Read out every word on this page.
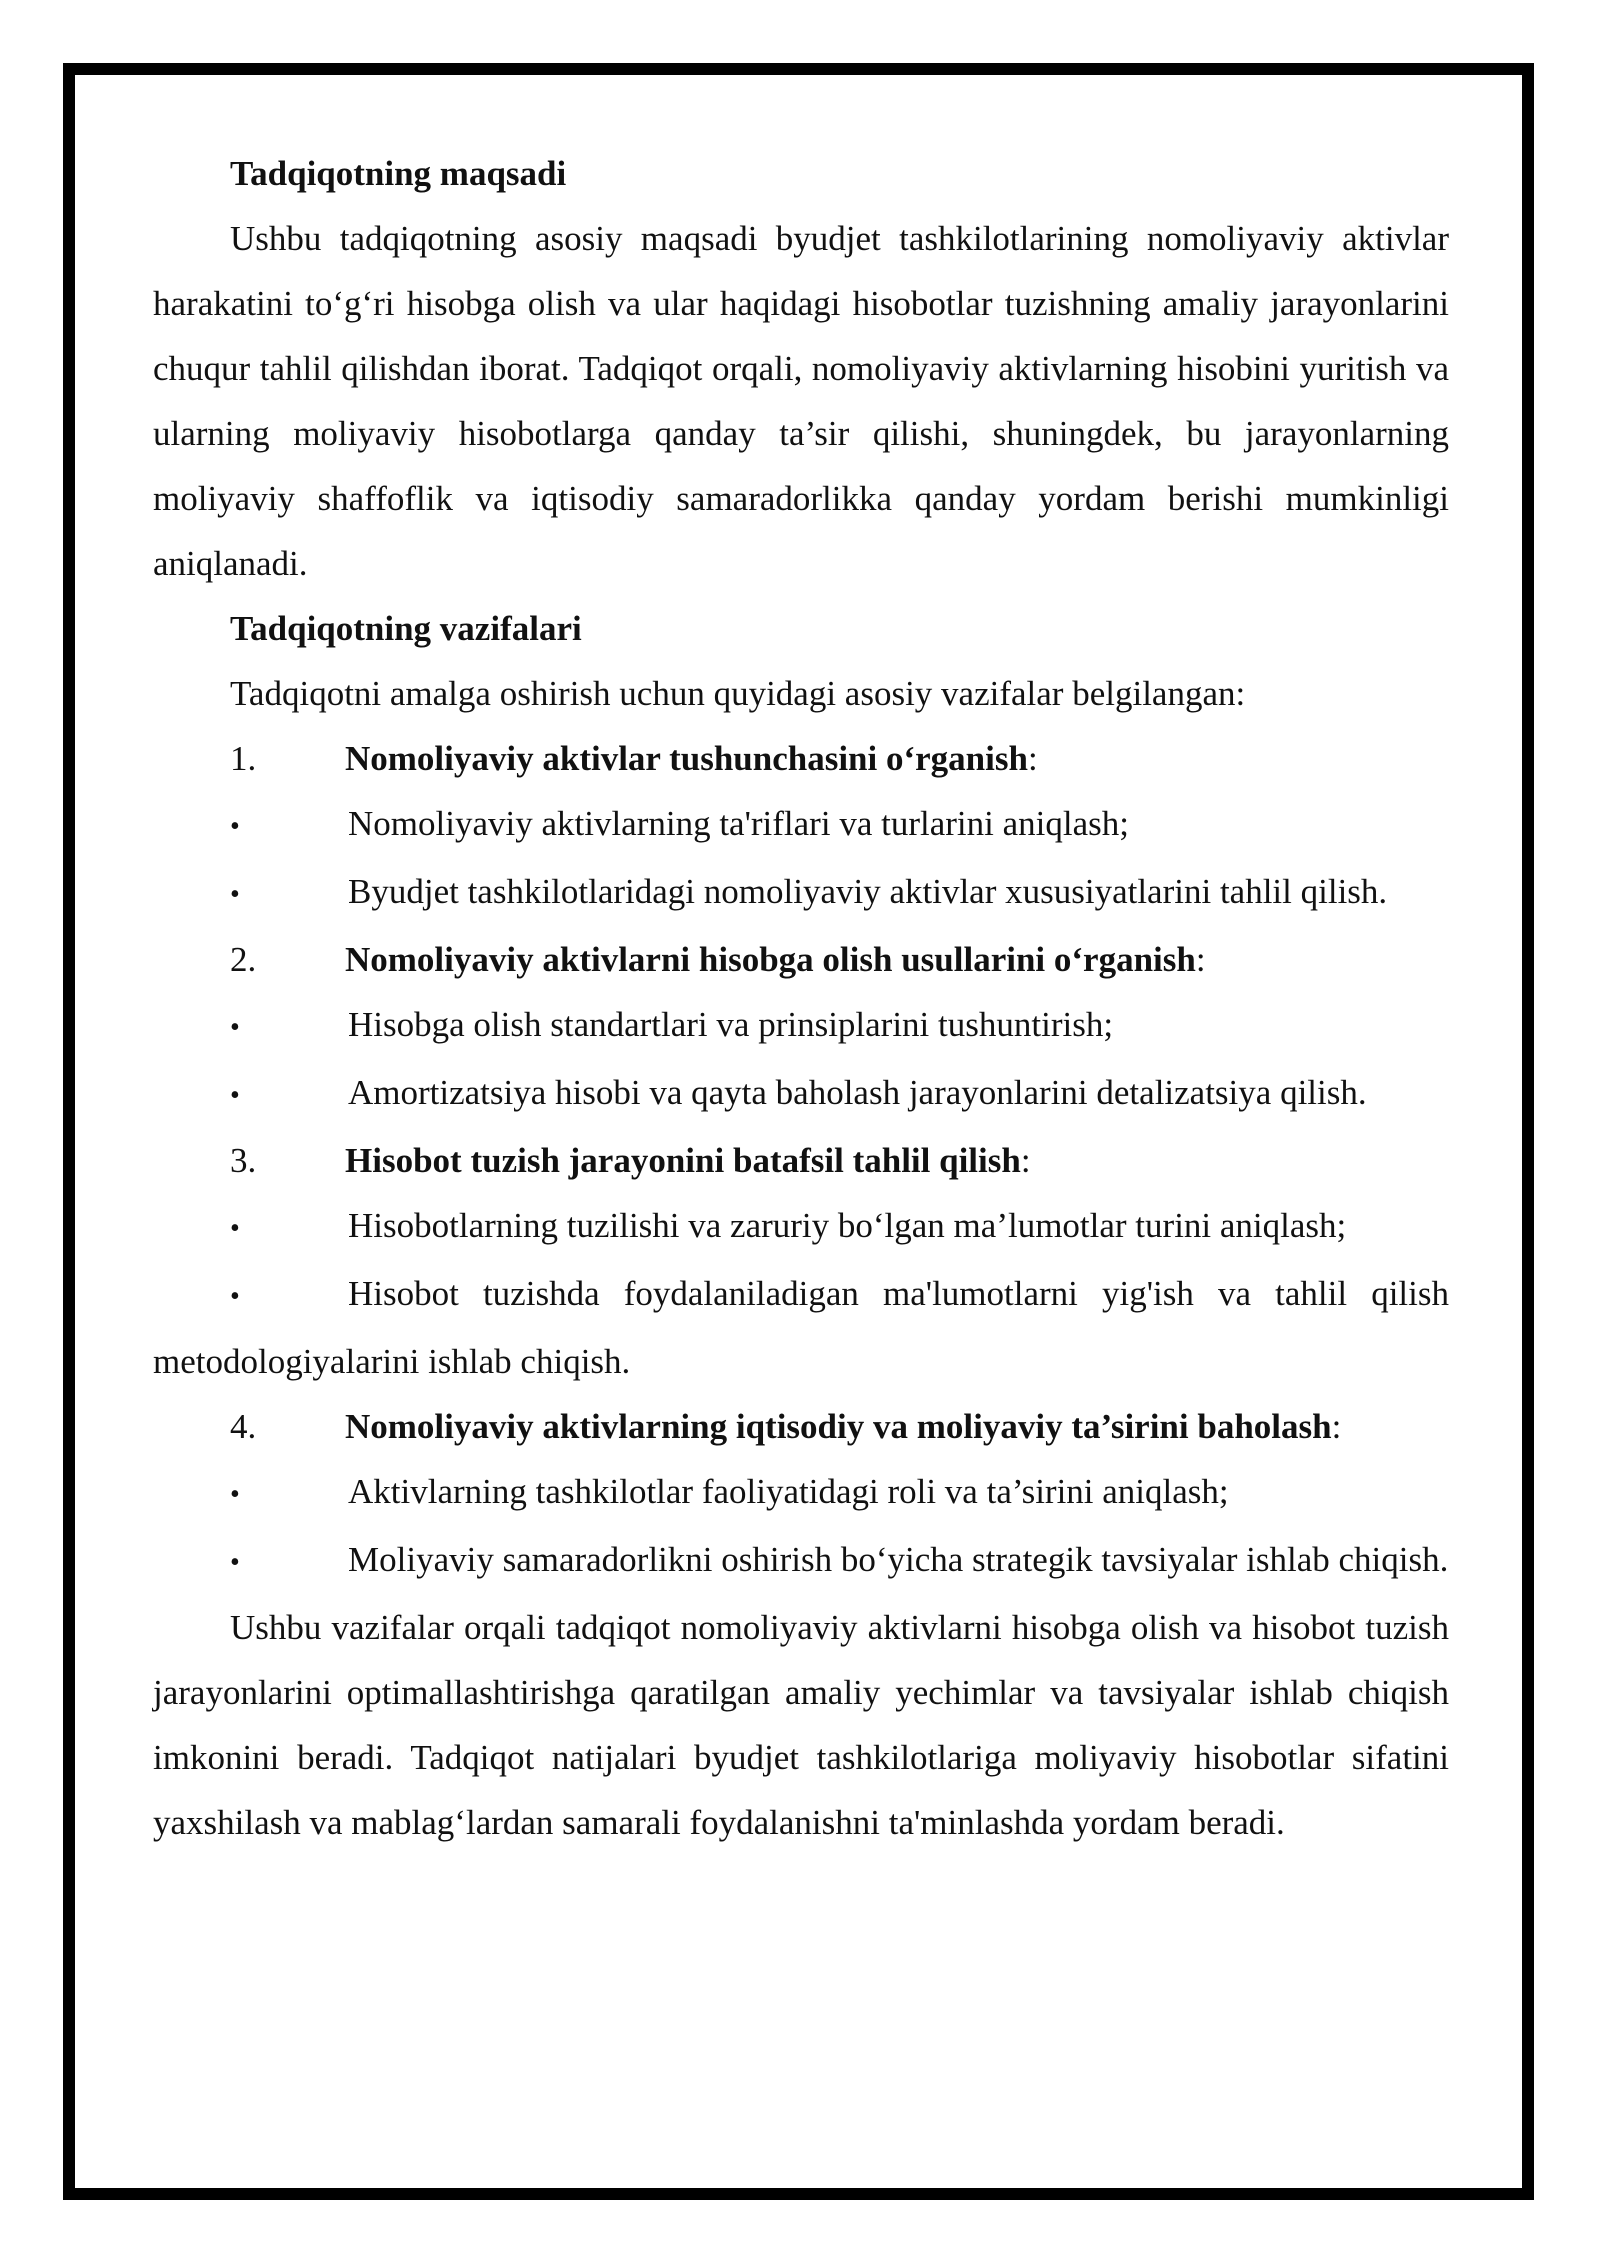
Tadqiqotning maqsadi

Ushbu tadqiqotning asosiy maqsadi byudjet tashkilotlarining nomoliyaviy aktivlar harakatini to‘g‘ri hisobga olish va ular haqidagi hisobotlar tuzishning amaliy jarayonlarini chuqur tahlil qilishdan iborat. Tadqiqot orqali, nomoliyaviy aktivlarning hisobini yuritish va ularning moliyaviy hisobotlarga qanday ta’sir qilishi, shuningdek, bu jarayonlarning moliyaviy shaffoflik va iqtisodiy samaradorlikka qanday yordam berishi mumkinligi aniqlanadi.

Tadqiqotning vazifalari

Tadqiqotni amalga oshirish uchun quyidagi asosiy vazifalar belgilangan:

1.	Nomoliyaviy aktivlar tushunchasini o‘rganish:

•	Nomoliyaviy aktivlarning ta'riflari va turlarini aniqlash;

•	Byudjet tashkilotlaridagi nomoliyaviy aktivlar xususiyatlarini tahlil qilish.

2.	Nomoliyaviy aktivlarni hisobga olish usullarini o‘rganish:

•	Hisobga olish standartlari va prinsiplarini tushuntirish;

•	Amortizatsiya hisobi va qayta baholash jarayonlarini detalizatsiya qilish.

3.	Hisobot tuzish jarayonini batafsil tahlil qilish:

•	Hisobotlarning tuzilishi va zaruriy bo‘lgan ma’lumotlar turini aniqlash;

•	Hisobot tuzishda foydalaniladigan ma'lumotlarni yig'ish va tahlil qilish metodologiyalarini ishlab chiqish.

4.	Nomoliyaviy aktivlarning iqtisodiy va moliyaviy ta’sirini baholash:

•	Aktivlarning tashkilotlar faoliyatidagi roli va ta’sirini aniqlash;

•	Moliyaviy samaradorlikni oshirish bo‘yicha strategik tavsiyalar ishlab chiqish.

Ushbu vazifalar orqali tadqiqot nomoliyaviy aktivlarni hisobga olish va hisobot tuzish jarayonlarini optimallashtirishga qaratilgan amaliy yechimlar va tavsiyalar ishlab chiqish imkonini beradi. Tadqiqot natijalari byudjet tashkilotlariga moliyaviy hisobotlar sifatini yaxshilash va mablag‘lardan samarali foydalanishni ta'minlashda yordam beradi.
